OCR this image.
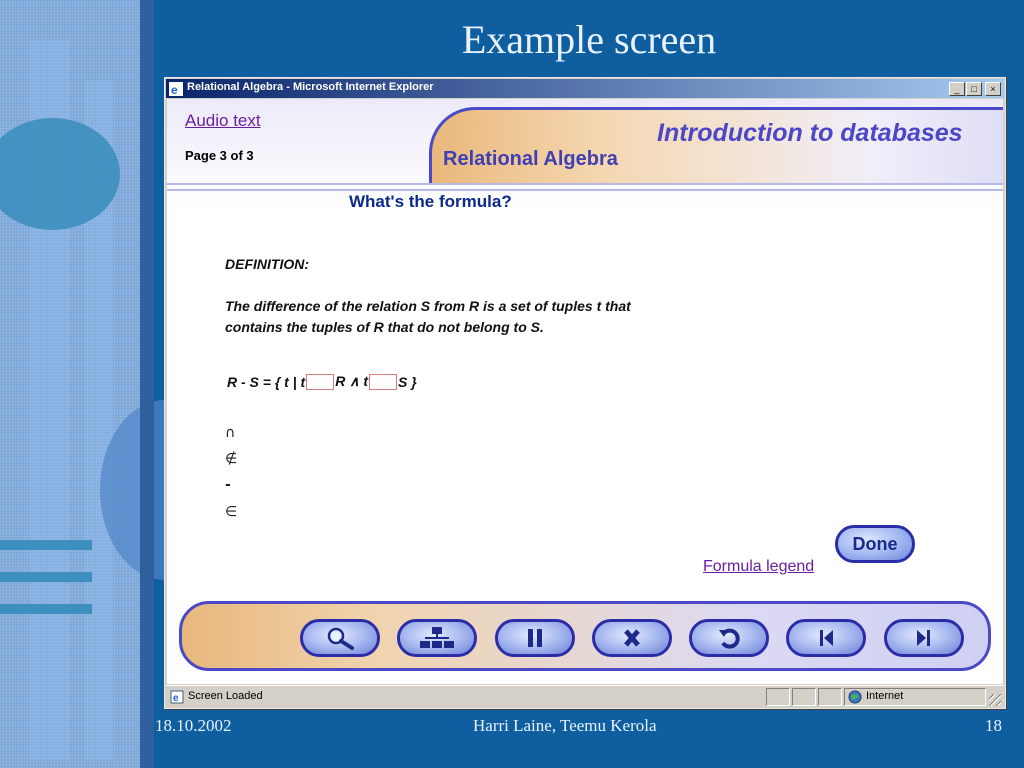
Example screen
e Relational Algebra - Microsoft Internet Explorer	_	□	×
Audio text
Page 3 of 3
Introduction to databases
Relational Algebra
What's the formula?
DEFINITION:
The difference of the relation S from R is a set of tuples t that
contains the tuples of R that do not belong to S.
R - S = { t | t R ∧ t S }
∩
∉
-
∈
Done
Formula legend
e Screen Loaded	Internet
18.10.2002	Harri Laine, Teemu Kerola	18
